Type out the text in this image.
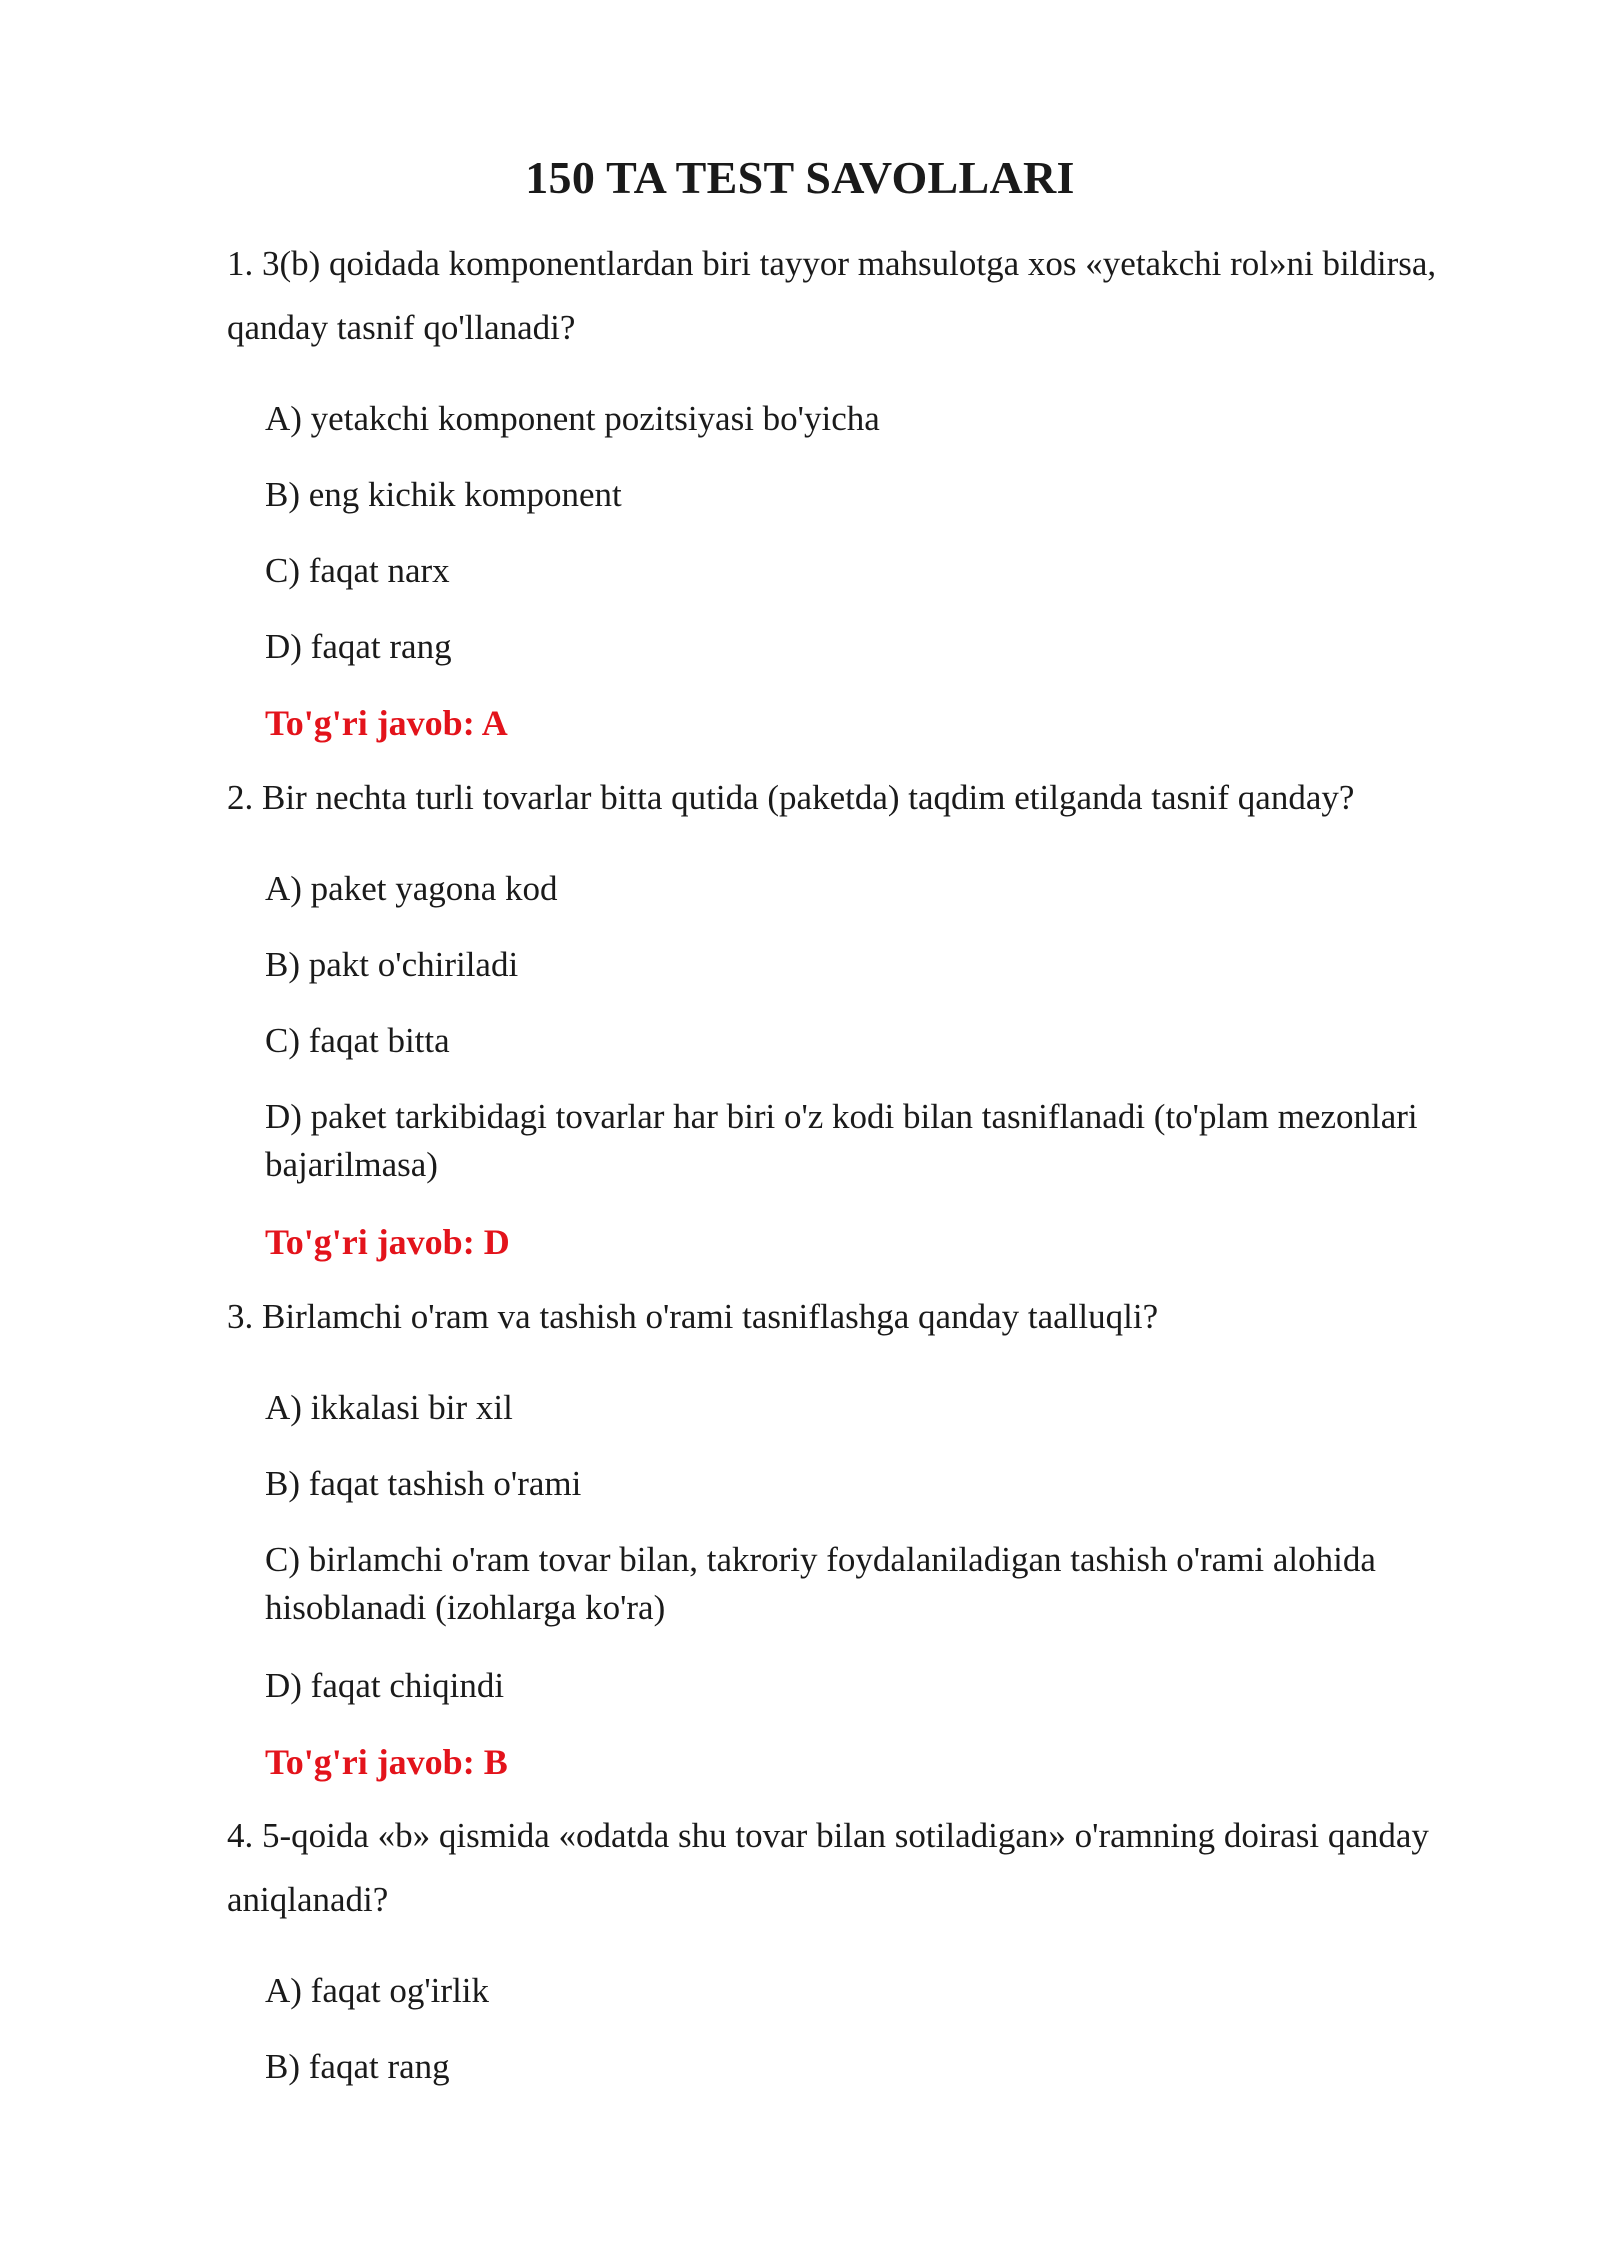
150 TA TEST SAVOLLARI
1. 3(b) qoidada komponentlardan biri tayyor mahsulotga xos «yetakchi rol»ni bildirsa, qanday tasnif qo'llanadi?
A) yetakchi komponent pozitsiyasi bo'yicha
B) eng kichik komponent
C) faqat narx
D) faqat rang
To'g'ri javob: A
2. Bir nechta turli tovarlar bitta qutida (paketda) taqdim etilganda tasnif qanday?
A) paket yagona kod
B) pakt o'chiriladi
C) faqat bitta
D) paket tarkibidagi tovarlar har biri o'z kodi bilan tasniflanadi (to'plam mezonlari bajarilmasa)
To'g'ri javob: D
3. Birlamchi o'ram va tashish o'rami tasniflashga qanday taalluqli?
A) ikkalasi bir xil
B) faqat tashish o'rami
C) birlamchi o'ram tovar bilan, takroriy foydalaniladigan tashish o'rami alohida hisoblanadi (izohlarga ko'ra)
D) faqat chiqindi
To'g'ri javob: B
4. 5-qoida «b» qismida «odatda shu tovar bilan sotiladigan» o'ramning doirasi qanday aniqlanadi?
A) faqat og'irlik
B) faqat rang
